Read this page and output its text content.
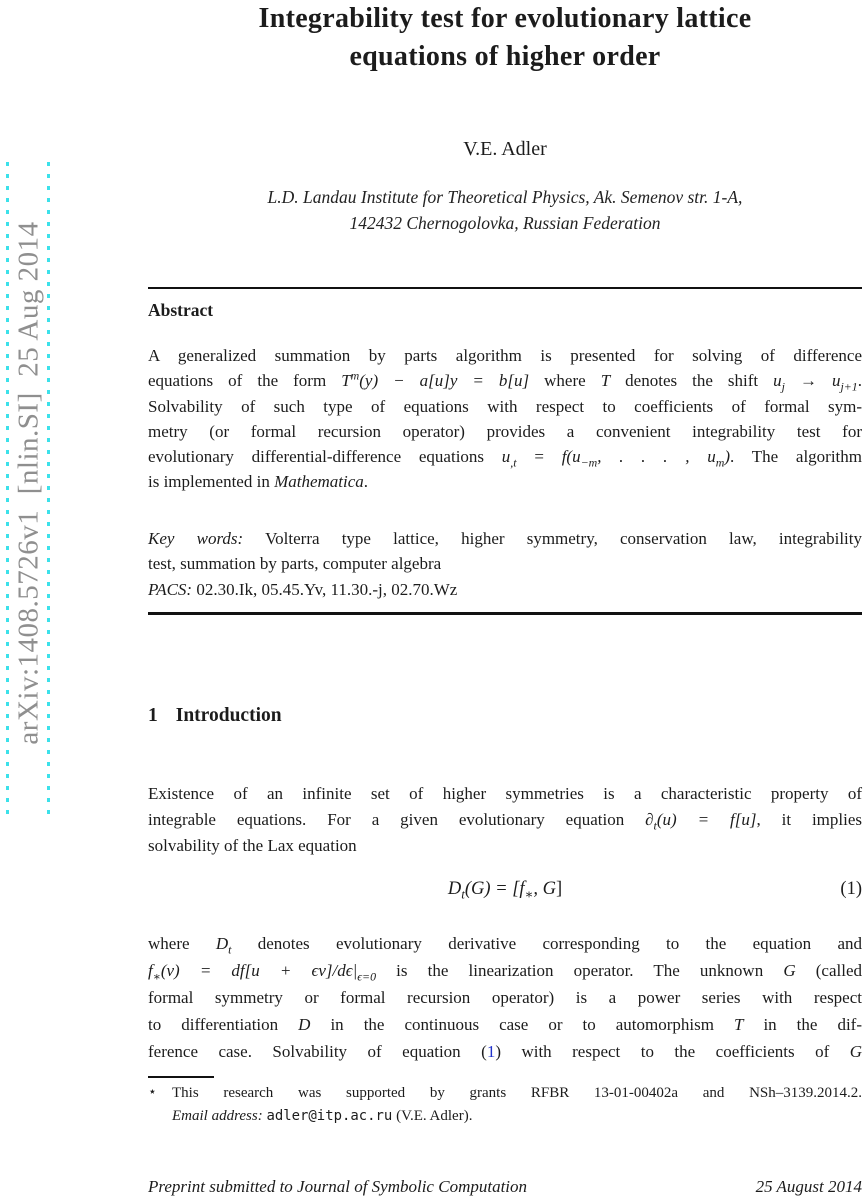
arXiv:1408.5726v1  [nlin.SI]  25 Aug 2014
Integrability test for evolutionary lattice
equations of higher order
V.E. Adler
L.D. Landau Institute for Theoretical Physics, Ak. Semenov str. 1-A,
142432 Chernogolovka, Russian Federation
Abstract
A generalized summation by parts algorithm is presented for solving of difference
equations of the form $T^m(y) - a[u]y = b[u]$ where T denotes the shift $u_j \to u_{j+1}$.
Solvability of such type of equations with respect to coefficients of formal sym-
metry (or formal recursion operator) provides a convenient integrability test for
evolutionary differential-difference equations $u_{,t} = f(u_{-m}$, . . . , $u_m$). The algorithm
is implemented in Mathematica.
Key words: Volterra type lattice, higher symmetry, conservation law, integrability
test, summation by parts, computer algebra
PACS: 02.30.Ik, 05.45.Yv, 11.30.-j, 02.70.Wz
1 Introduction
Existence of an infinite set of higher symmetries is a characteristic property of
integrable equations. For a given evolutionary equation $\partial_t(u) = f[u]$, it implies
solvability of the Lax equation
$D_t(G) = [f_∗$, G]	(1)
where $D_t$ denotes evolutionary derivative corresponding to the equation and
$f_∗(v) = df[u + \epsilon v]/d\epsilon|_{\epsilon=0}$ is the linearization operator. The unknown G (called
formal symmetry or formal recursion operator) is a power series with respect
to differentiation D in the continuous case or to automorphism T in the dif-
ference case. Solvability of equation (1) with respect to the coefficients of G
⋆ This research was supported by grants RFBR 13-01-00402a and NSh–3139.2014.2.
Email address: adler@itp.ac.ru (V.E. Adler).
Preprint submitted to Journal of Symbolic Computation	25 August 2014
